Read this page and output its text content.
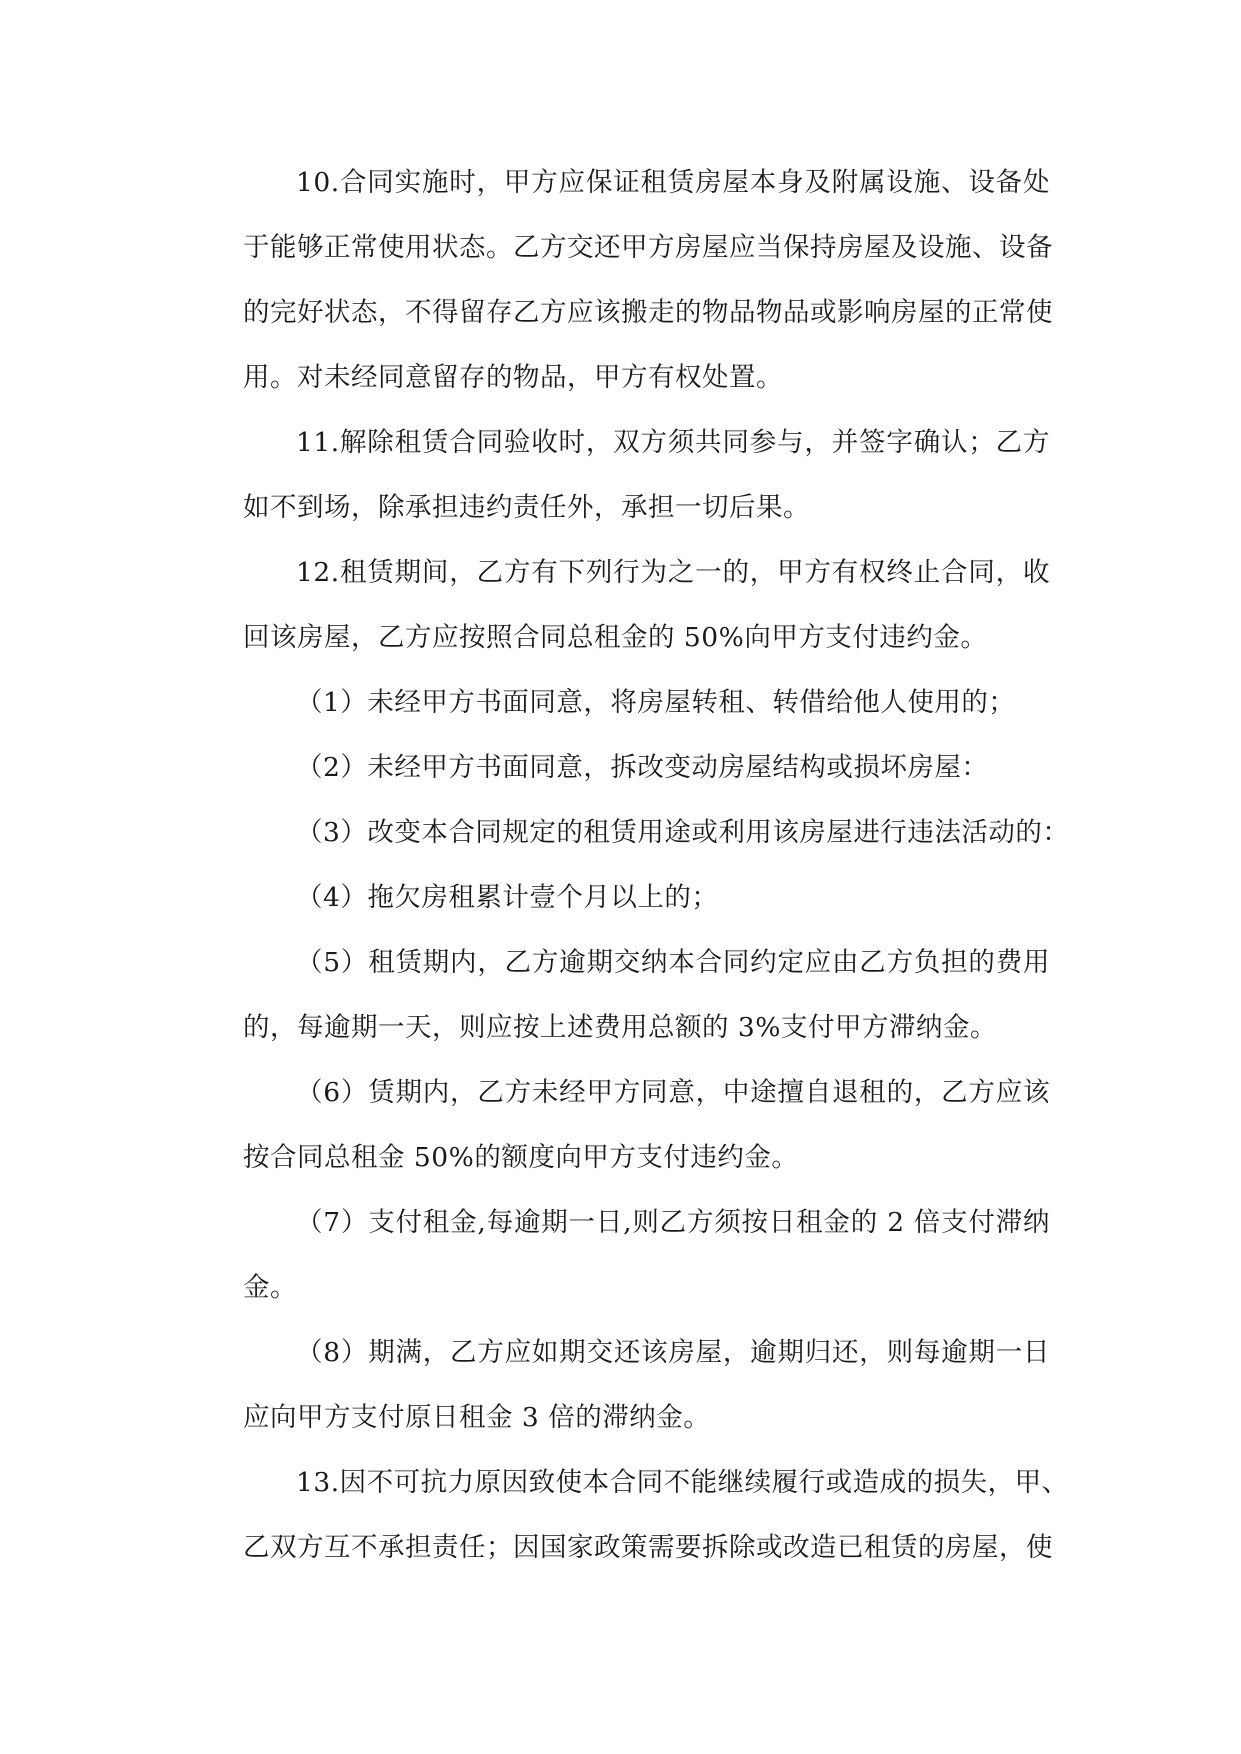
10.合同实施时，甲方应保证租赁房屋本身及附属设施、设备处
于能够正常使用状态。乙方交还甲方房屋应当保持房屋及设施、设备
的完好状态，不得留存乙方应该搬走的物品物品或影响房屋的正常使
用。对未经同意留存的物品，甲方有权处置。

11.解除租赁合同验收时，双方须共同参与，并签字确认；乙方
如不到场，除承担违约责任外，承担一切后果。

12.租赁期间，乙方有下列行为之一的，甲方有权终止合同，收
回该房屋，乙方应按照合同总租金的 50%向甲方支付违约金。

（1）未经甲方书面同意，将房屋转租、转借给他人使用的；

（2）未经甲方书面同意，拆改变动房屋结构或损坏房屋：

（3）改变本合同规定的租赁用途或利用该房屋进行违法活动的：

（4）拖欠房租累计壹个月以上的；

（5）租赁期内，乙方逾期交纳本合同约定应由乙方负担的费用
的，每逾期一天，则应按上述费用总额的 3%支付甲方滞纳金。

（6）赁期内，乙方未经甲方同意，中途擅自退租的，乙方应该
按合同总租金 50%的额度向甲方支付违约金。

（7）支付租金,每逾期一日,则乙方须按日租金的 2 倍支付滞纳
金。

（8）期满，乙方应如期交还该房屋，逾期归还，则每逾期一日
应向甲方支付原日租金 3 倍的滞纳金。

13.因不可抗力原因致使本合同不能继续履行或造成的损失，甲、
乙双方互不承担责任；因国家政策需要拆除或改造已租赁的房屋，使
